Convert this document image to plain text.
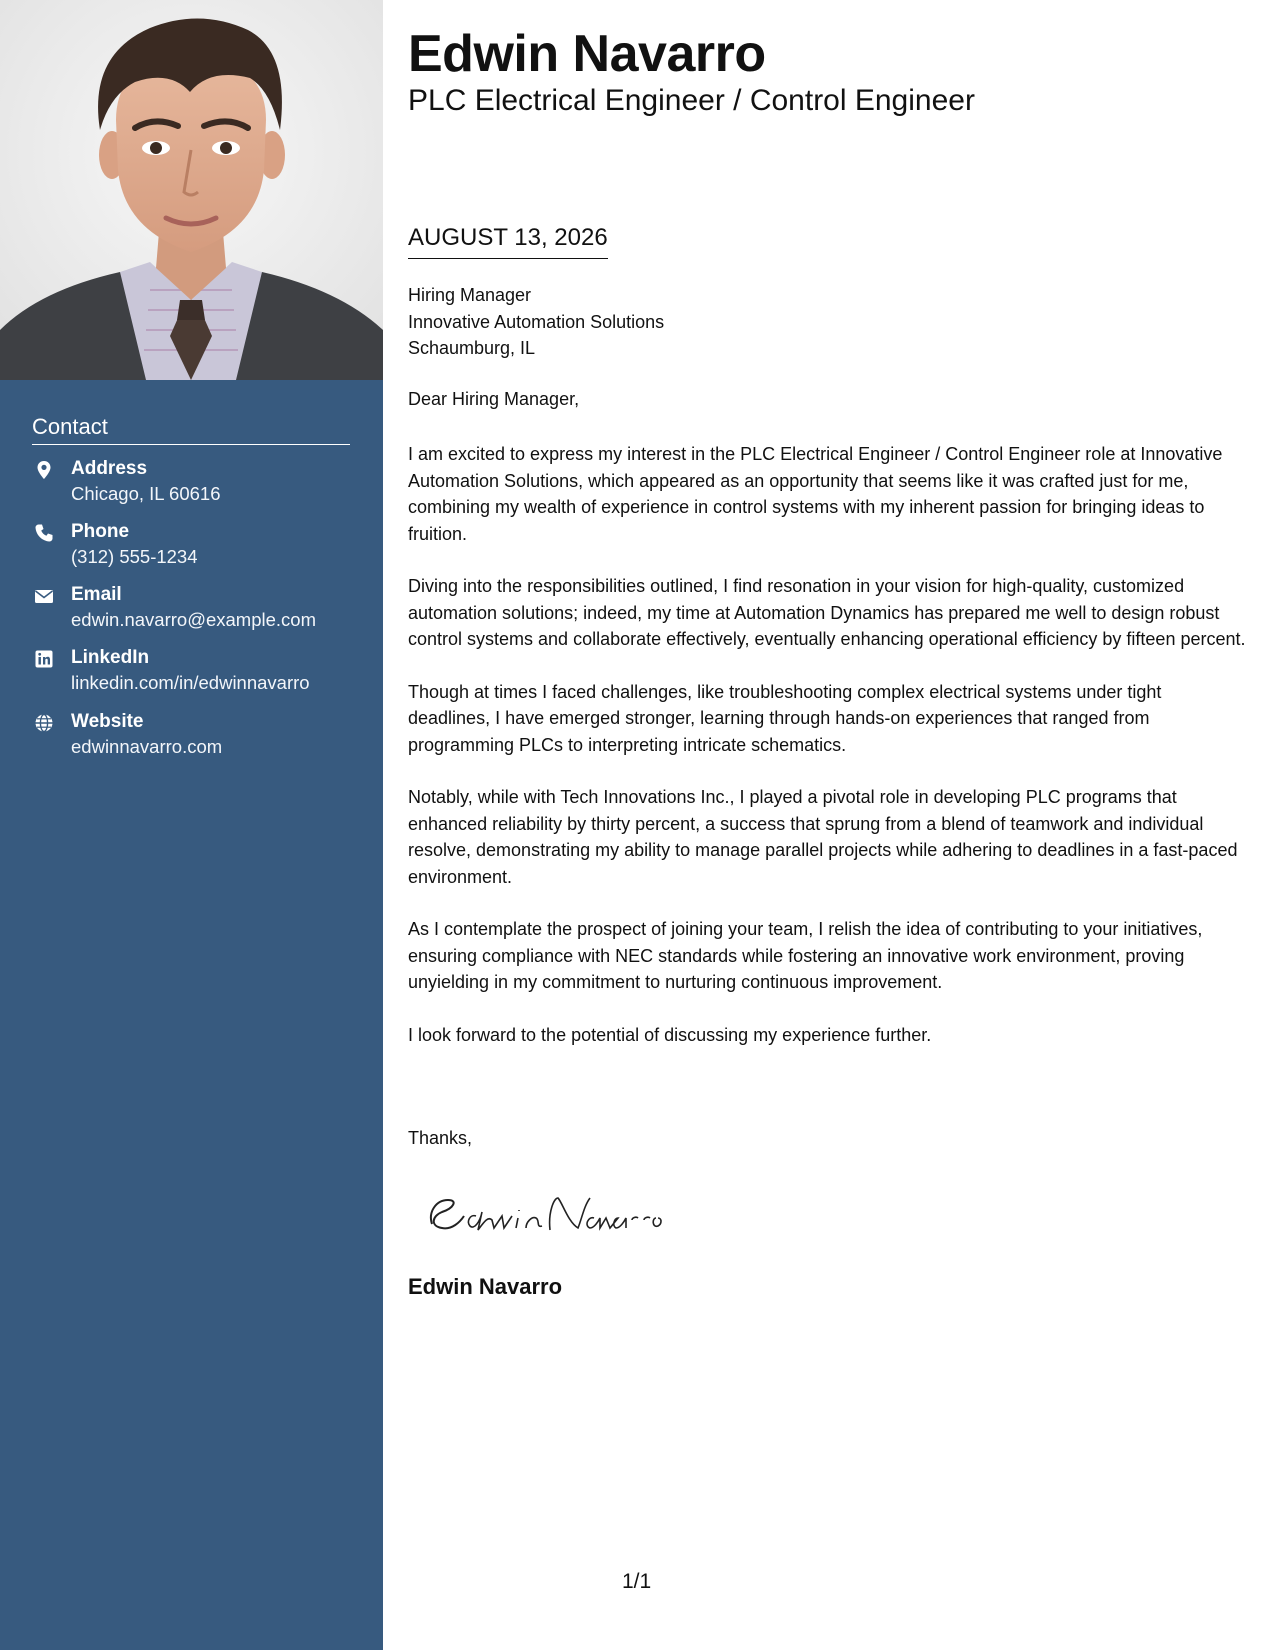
Contact
Address
Chicago, IL 60616
Phone
(312) 555-1234
Email
edwin.navarro@example.com
LinkedIn
linkedin.com/in/edwinnavarro
Website
edwinnavarro.com
Edwin Navarro
PLC Electrical Engineer / Control Engineer
AUGUST 13, 2026
Hiring Manager
Innovative Automation Solutions
Schaumburg, IL
Dear Hiring Manager,

I am excited to express my interest in the PLC Electrical Engineer / Control Engineer role at Innovative Automation Solutions, which appeared as an opportunity that seems like it was crafted just for me, combining my wealth of experience in control systems with my inherent passion for bringing ideas to fruition.

Diving into the responsibilities outlined, I find resonation in your vision for high-quality, customized automation solutions; indeed, my time at Automation Dynamics has prepared me well to design robust control systems and collaborate effectively, eventually enhancing operational efficiency by fifteen percent.

Though at times I faced challenges, like troubleshooting complex electrical systems under tight deadlines, I have emerged stronger, learning through hands-on experiences that ranged from programming PLCs to interpreting intricate schematics.

Notably, while with Tech Innovations Inc., I played a pivotal role in developing PLC programs that enhanced reliability by thirty percent, a success that sprung from a blend of teamwork and individual resolve, demonstrating my ability to manage parallel projects while adhering to deadlines in a fast-paced environment.

As I contemplate the prospect of joining your team, I relish the idea of contributing to your initiatives, ensuring compliance with NEC standards while fostering an innovative work environment, proving unyielding in my commitment to nurturing continuous improvement.

I look forward to the potential of discussing my experience further.

Thanks,
Edwin Navarro
1/1
